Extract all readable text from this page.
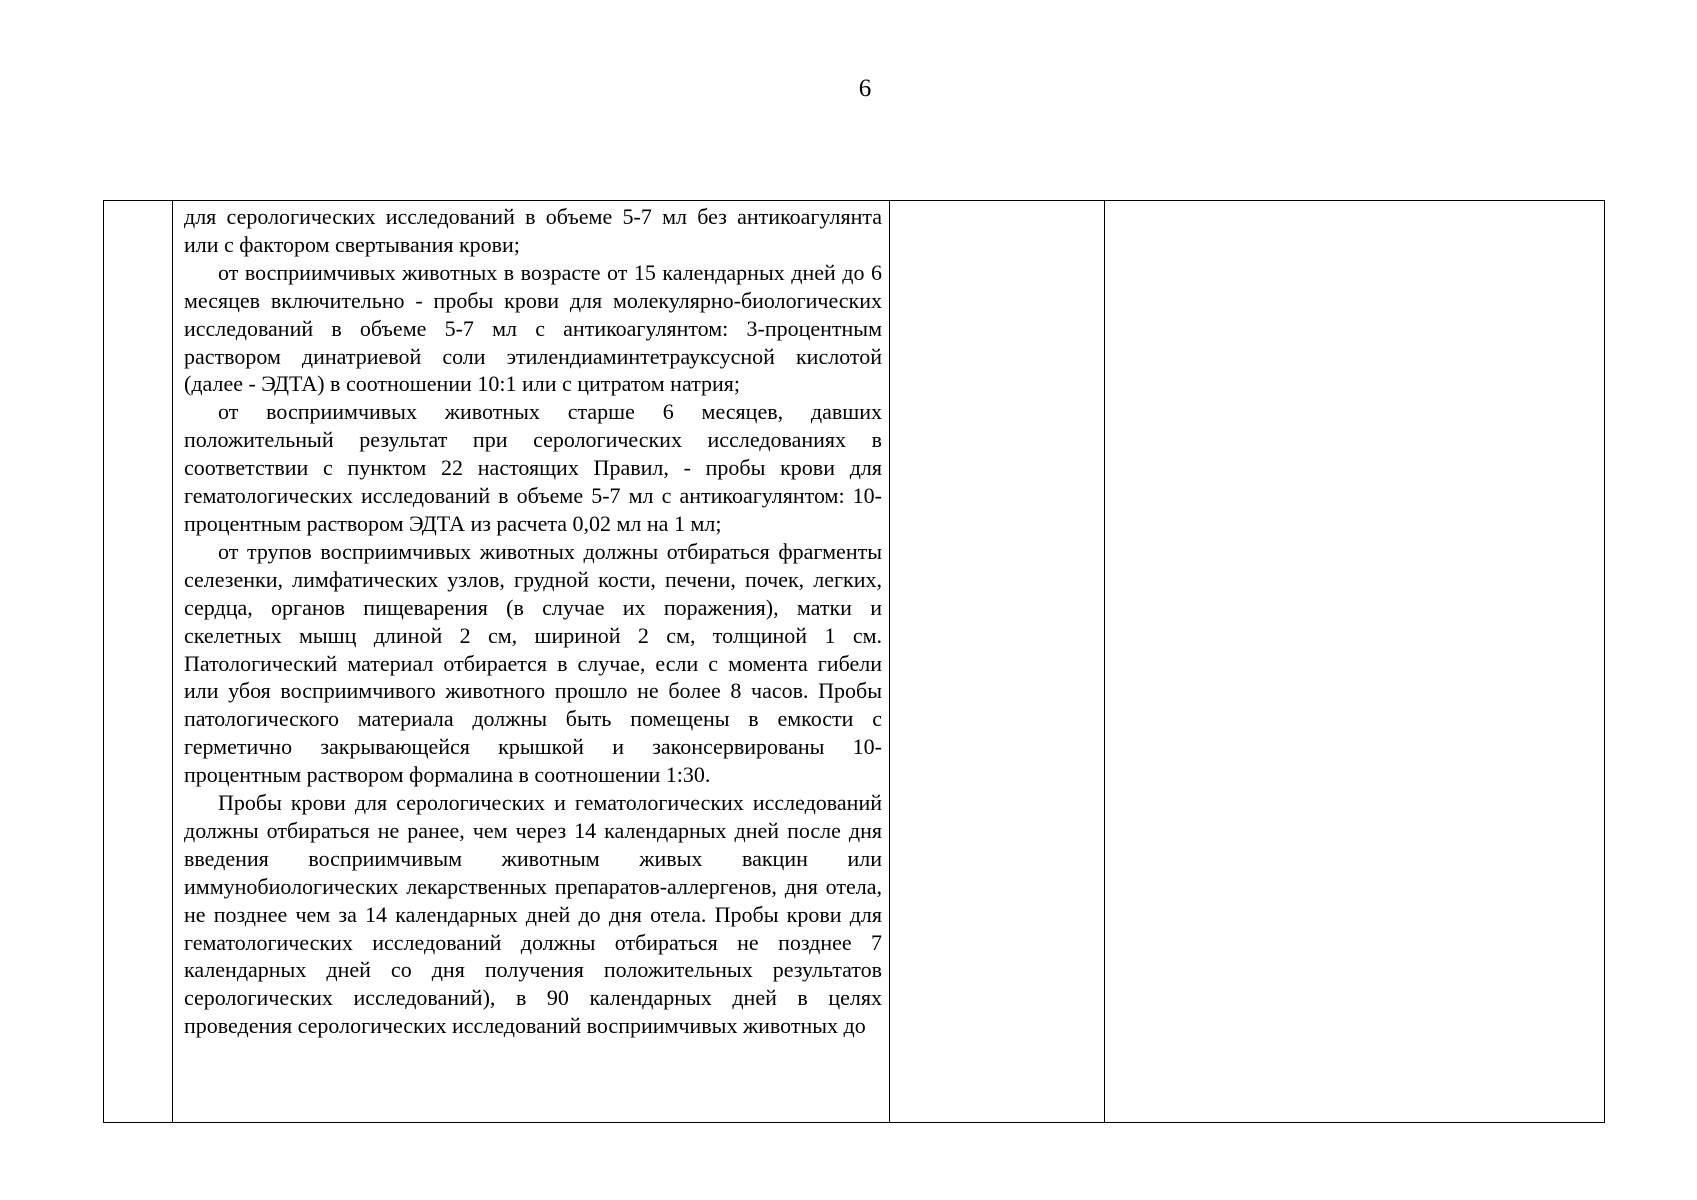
6

для серологических исследований в объеме 5-7 мл без антикоагулянта или с фактором свертывания крови;

от восприимчивых животных в возрасте от 15 календарных дней до 6 месяцев включительно - пробы крови для молекулярно-биологических исследований в объеме 5-7 мл с антикоагулянтом: 3-процентным раствором динатриевой соли этилендиаминтетрауксусной кислотой (далее - ЭДТА) в соотношении 10:1 или с цитратом натрия;

от восприимчивых животных старше 6 месяцев, давших положительный результат при серологических исследованиях в соответствии с пунктом 22 настоящих Правил, - пробы крови для гематологических исследований в объеме 5-7 мл с антикоагулянтом: 10-процентным раствором ЭДТА из расчета 0,02 мл на 1 мл;

от трупов восприимчивых животных должны отбираться фрагменты селезенки, лимфатических узлов, грудной кости, печени, почек, легких, сердца, органов пищеварения (в случае их поражения), матки и скелетных мышц длиной 2 см, шириной 2 см, толщиной 1 см. Патологический материал отбирается в случае, если с момента гибели или убоя восприимчивого животного прошло не более 8 часов. Пробы патологического материала должны быть помещены в емкости с герметично закрывающейся крышкой и законсервированы 10-процентным раствором формалина в соотношении 1:30.

Пробы крови для серологических и гематологических исследований должны отбираться не ранее, чем через 14 календарных дней после дня введения восприимчивым животным живых вакцин или иммунобиологических лекарственных препаратов-аллергенов, дня отела, не позднее чем за 14 календарных дней до дня отела. Пробы крови для гематологических исследований должны отбираться не позднее 7 календарных дней со дня получения положительных результатов серологических исследований), в 90 календарных дней в целях проведения серологических исследований восприимчивых животных до
